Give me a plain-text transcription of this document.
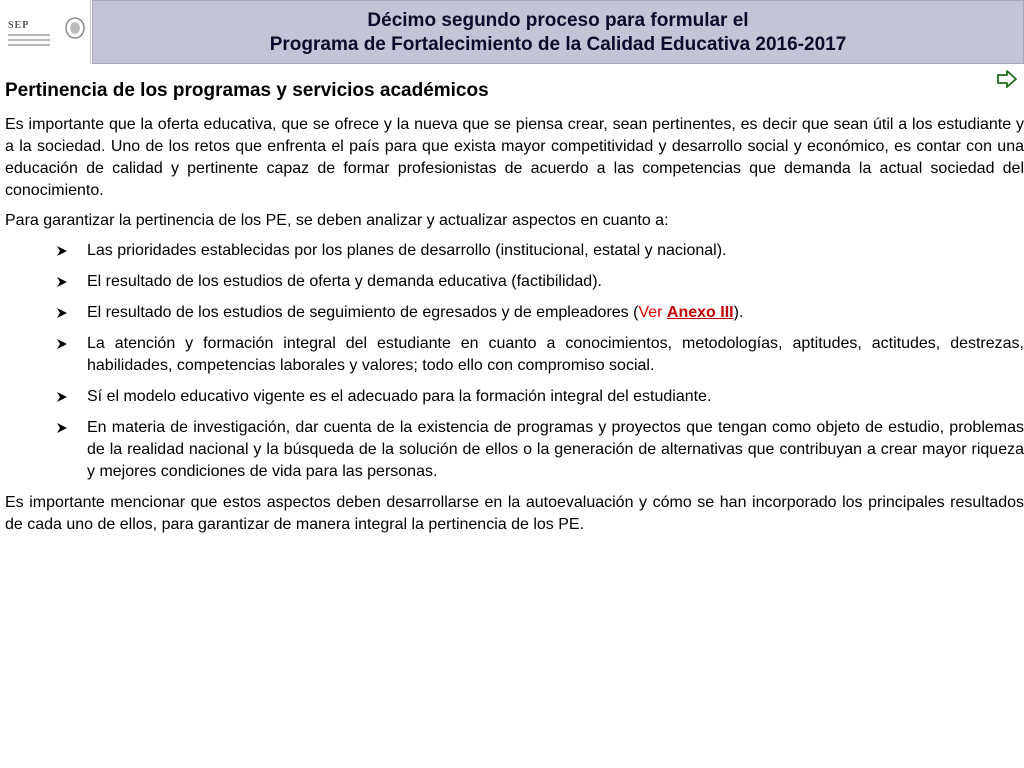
SEP	Décimo segundo proceso para formular el
Programa de Fortalecimiento de la Calidad Educativa 2016-2017
Pertinencia de los programas y servicios académicos

Es importante que la oferta educativa, que se ofrece y la nueva que se piensa crear, sean pertinentes, es decir que sean útil a los estudiante y a la sociedad. Uno de los retos que enfrenta el país para que exista mayor competitividad y desarrollo social y económico, es contar con una educación de calidad y pertinente capaz de formar profesionistas de acuerdo a las competencias que demanda la actual sociedad del conocimiento.

Para garantizar la pertinencia de los PE, se deben analizar y actualizar aspectos en cuanto a:

Las prioridades establecidas por los planes de desarrollo (institucional, estatal y nacional).
El resultado de los estudios de oferta y demanda educativa (factibilidad).
El resultado de los estudios de seguimiento de egresados y de empleadores (Ver Anexo III).
La atención y formación integral del estudiante en cuanto a conocimientos, metodologías, aptitudes, actitudes, destrezas, habilidades, competencias laborales y valores; todo ello con compromiso social.
Sí el modelo educativo vigente es el adecuado para la formación integral del estudiante.
En materia de investigación, dar cuenta de la existencia de programas y proyectos que tengan como objeto de estudio, problemas de la realidad nacional y la búsqueda de la solución de ellos o la generación de alternativas que contribuyan a crear mayor riqueza y mejores condiciones de vida para las personas.

Es importante mencionar que estos aspectos deben desarrollarse en la autoevaluación y cómo se han incorporado los principales resultados de cada uno de ellos, para garantizar de manera integral la pertinencia de los PE.
